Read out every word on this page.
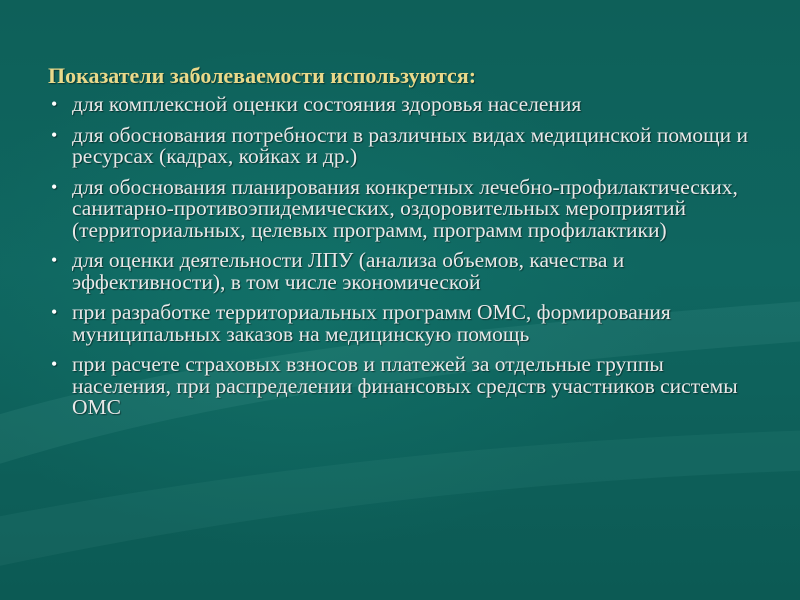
Показатели заболеваемости используются:
• для комплексной оценки состояния здоровья населения
• для обоснования потребности в различных видах медицинской помощи и ресурсах (кадрах, койках и др.)
• для обоснования планирования конкретных лечебно-профилактических, санитарно-противоэпидемических, оздоровительных мероприятий (территориальных, целевых программ, программ профилактики)
• для оценки деятельности ЛПУ (анализа объемов, качества и эффективности), в том числе экономической
• при разработке территориальных программ ОМС, формирования муниципальных заказов на медицинскую помощь
• при расчете страховых взносов и платежей за отдельные группы населения, при распределении финансовых средств участников системы ОМС
